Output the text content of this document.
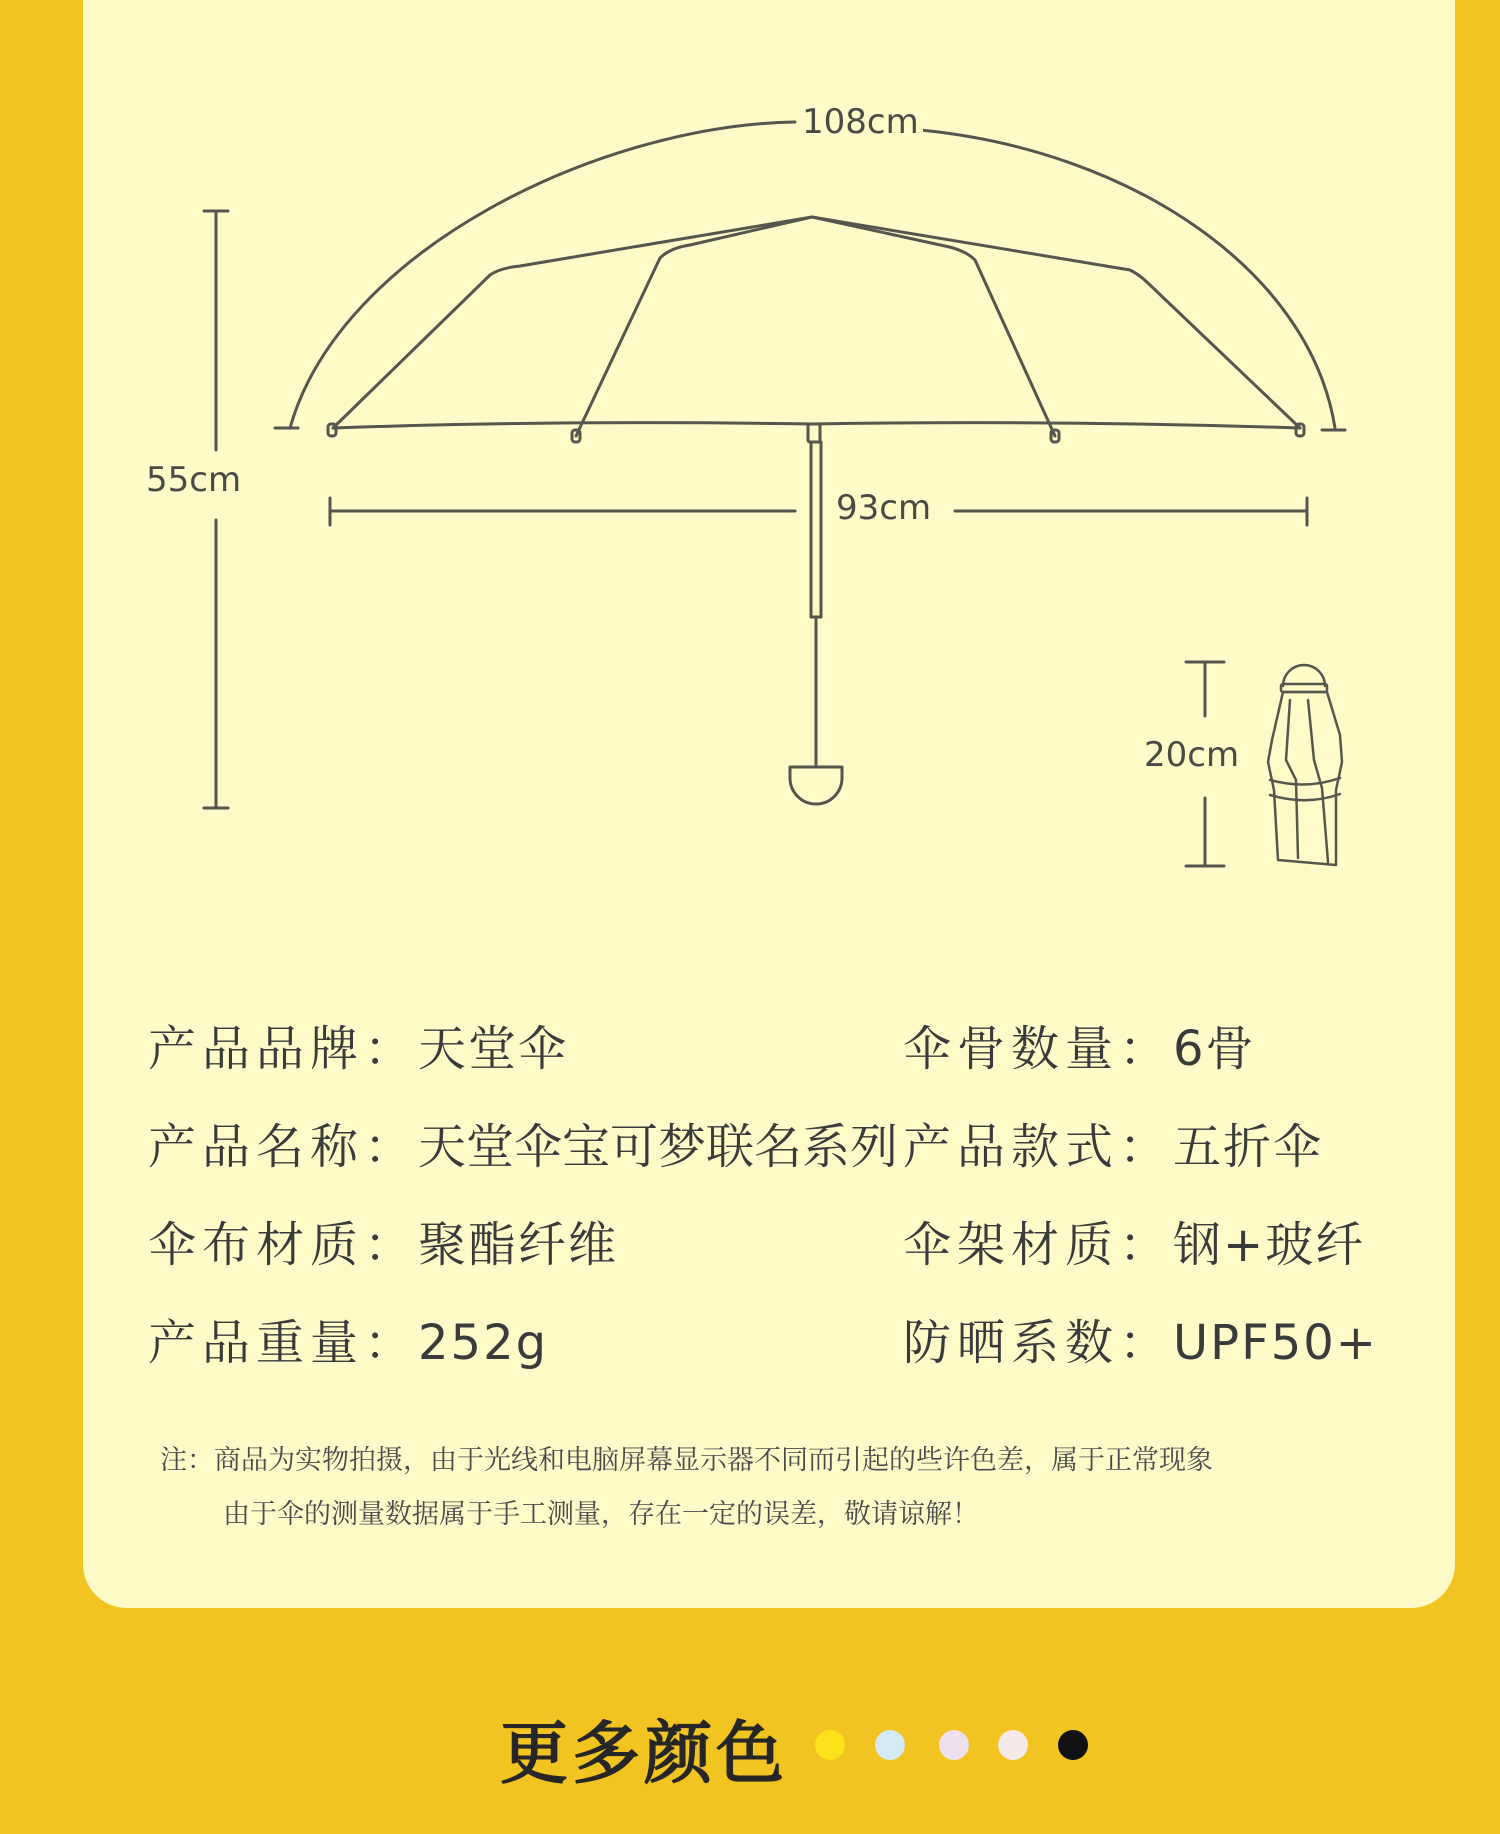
108cm
55cm
93cm
20cm
产品品牌：天堂伞
产品名称：天堂伞宝可梦联名系列
伞布材质：聚酯纤维
产品重量：252g
伞骨数量：6骨
产品款式：五折伞
伞架材质：钢+玻纤
防晒系数：UPF50+
注：商品为实物拍摄，由于光线和电脑屏幕显示器不同而引起的些许色差，属于正常现象
由于伞的测量数据属于手工测量，存在一定的误差，敬请谅解！
更多颜色
